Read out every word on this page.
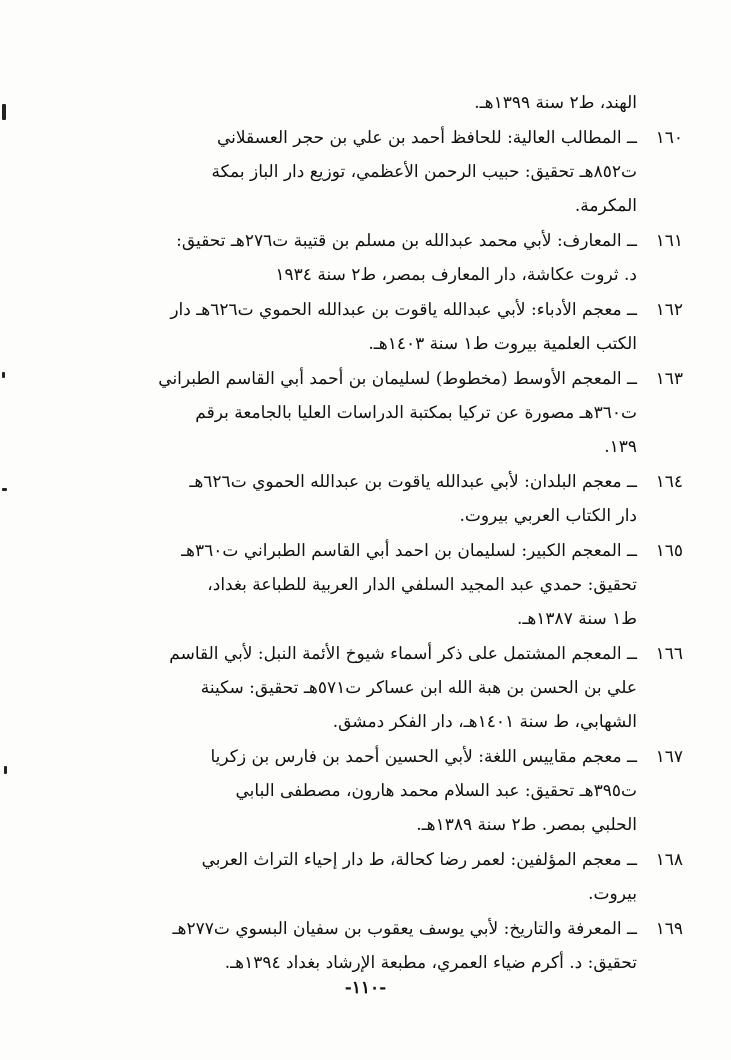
الهند، ط٢ سنة ١٣٩٩هـ.
١٦٠
ــ المطالب العالية: للحافظ أحمد بن علي بن حجر العسقلاني
ت٨٥٢هـ تحقيق: حبيب الرحمن الأعظمي، توزيع دار الباز بمكة
المكرمة.
١٦١
ــ المعارف: لأبي محمد عبدالله بن مسلم بن قتيبة ت٢٧٦هـ تحقيق:
د. ثروت عكاشة، دار المعارف بمصر، ط٢ سنة ١٩٣٤
١٦٢
ــ معجم الأدباء: لأبي عبدالله ياقوت بن عبدالله الحموي ت٦٢٦هـ دار
الكتب العلمية بيروت ط١ سنة ١٤٠٣هـ.
١٦٣
ــ المعجم الأوسط (مخطوط) لسليمان بن أحمد أبي القاسم الطبراني
ت٣٦٠هـ مصورة عن تركيا بمكتبة الدراسات العليا بالجامعة برقم
١٣٩.
١٦٤
ــ معجم البلدان: لأبي عبدالله ياقوت بن عبدالله الحموي ت٦٢٦هـ
دار الكتاب العربي بيروت.
١٦٥
ــ المعجم الكبير: لسليمان بن احمد أبي القاسم الطبراني ت٣٦٠هـ
تحقيق: حمدي عبد المجيد السلفي الدار العربية للطباعة بغداد،
ط١ سنة ١٣٨٧هـ.
١٦٦
ــ المعجم المشتمل على ذكر أسماء شيوخ الأئمة النبل: لأبي القاسم
علي بن الحسن بن هبة الله ابن عساكر ت٥٧١هـ تحقيق: سكينة
الشهابي، ط سنة ١٤٠١هـ، دار الفكر دمشق.
١٦٧
ــ معجم مقاييس اللغة: لأبي الحسين أحمد بن فارس بن زكريا
ت٣٩٥هـ تحقيق: عبد السلام محمد هارون، مصطفى البابي
الحلبي بمصر. ط٢ سنة ١٣٨٩هـ.
١٦٨
ــ معجم المؤلفين: لعمر رضا كحالة، ط دار إحياء التراث العربي
بيروت.
١٦٩
ــ المعرفة والتاريخ: لأبي يوسف يعقوب بن سفيان البسوي ت٢٧٧هـ
تحقيق: د. أكرم ضياء العمري، مطبعة الإرشاد بغداد ١٣٩٤هـ.
-١١٠-
